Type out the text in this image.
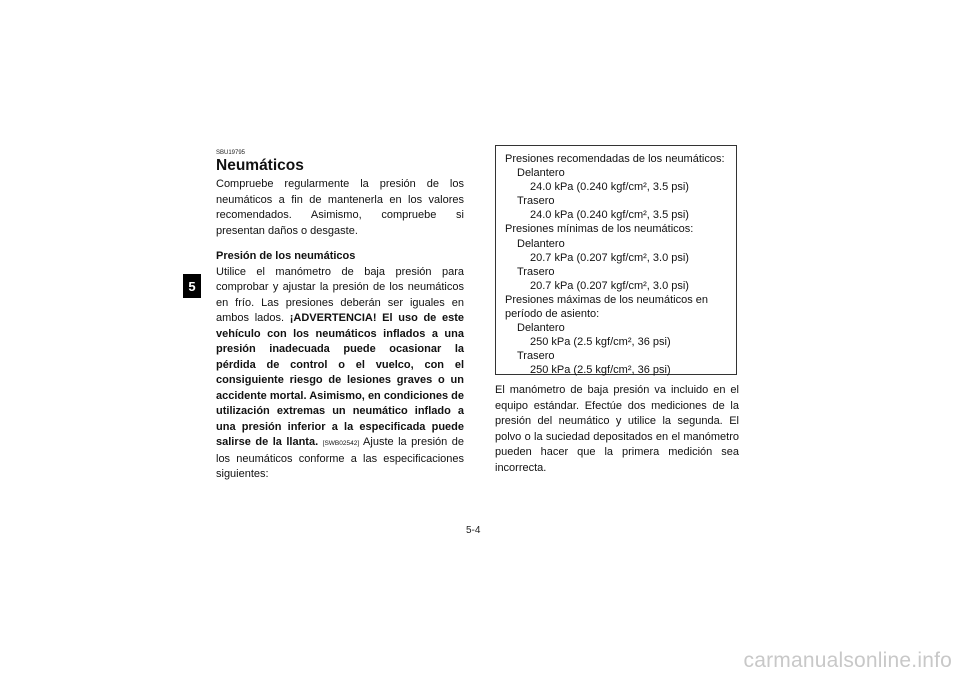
5
SBU19795
Neumáticos

Compruebe regularmente la presión de los neumáticos a fin de mantenerla en los valores recomendados. Asimismo, compruebe si presentan daños o desgaste.

Presión de los neumáticos

Utilice el manómetro de baja presión para comprobar y ajustar la presión de los neumáticos en frío. Las presiones deberán ser iguales en ambos lados. ¡ADVERTENCIA! El uso de este vehículo con los neumáticos inflados a una presión inadecuada puede ocasionar la pérdida de control o el vuelco, con el consiguiente riesgo de lesiones graves o un accidente mortal. Asimismo, en condiciones de utilización extremas un neumático inflado a una presión inferior a la especificada puede salirse de la llanta. [SWB02542] Ajuste la presión de los neumáticos conforme a las especificaciones siguientes:

Presiones recomendadas de los neumáticos:
Delantero
24.0 kPa (0.240 kgf/cm², 3.5 psi)
Trasero
24.0 kPa (0.240 kgf/cm², 3.5 psi)
Presiones mínimas de los neumáticos:
Delantero
20.7 kPa (0.207 kgf/cm², 3.0 psi)
Trasero
20.7 kPa (0.207 kgf/cm², 3.0 psi)
Presiones máximas de los neumáticos en
período de asiento:
Delantero
250 kPa (2.5 kgf/cm², 36 psi)
Trasero
250 kPa (2.5 kgf/cm², 36 psi)

El manómetro de baja presión va incluido en el equipo estándar. Efectúe dos mediciones de la presión del neumático y utilice la segunda. El polvo o la suciedad depositados en el manómetro pueden hacer que la primera medición sea incorrecta.

5-4
carmanualsonline.info
